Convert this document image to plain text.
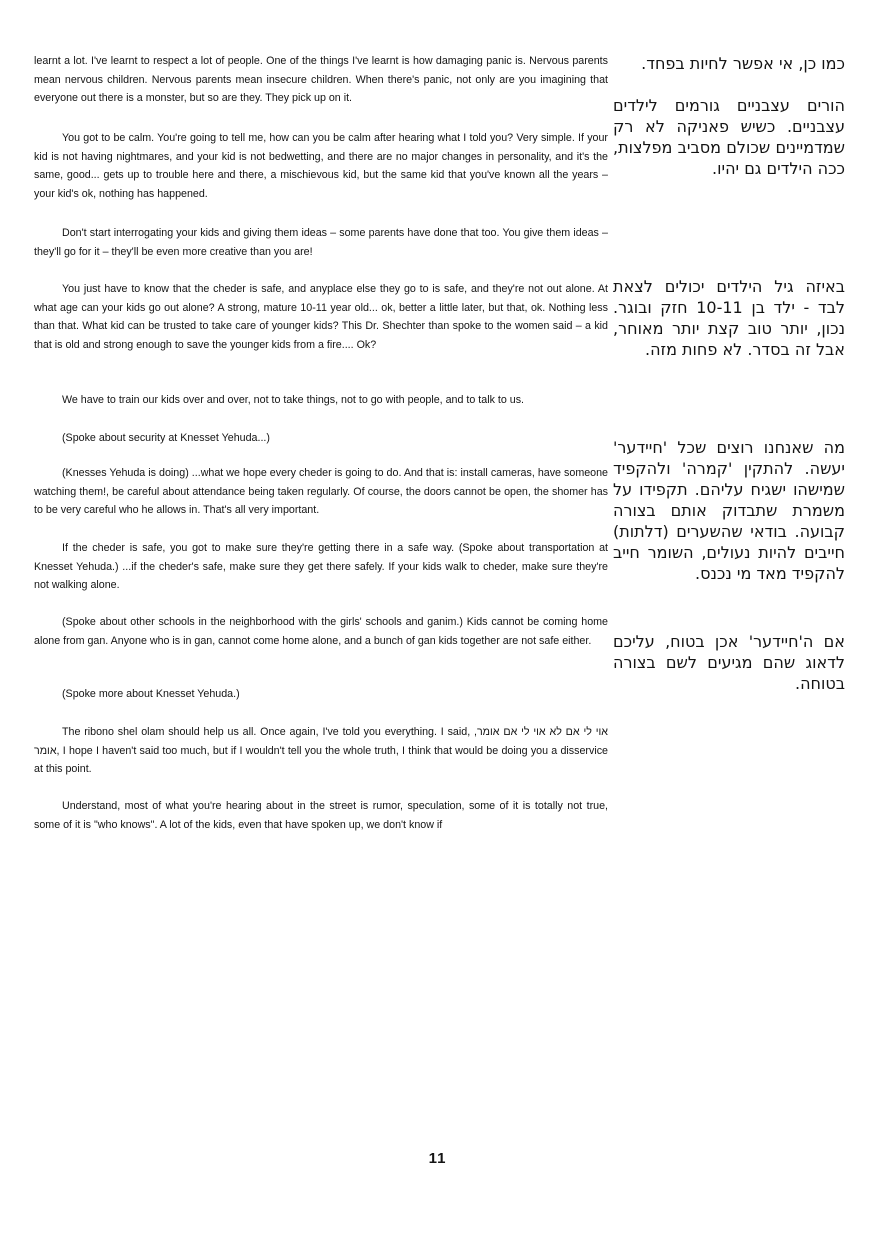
learnt a lot. I've learnt to respect a lot of people. One of the things I've learnt is how damaging panic is. Nervous parents mean nervous children. Nervous parents mean insecure children. When there's panic, not only are you imagining that everyone out there is a monster, but so are they. They pick up on it.

You got to be calm. You're going to tell me, how can you be calm after hearing what I told you? Very simple. If your kid is not having nightmares, and your kid is not bedwetting, and there are no major changes in personality, and it's the same, good... gets up to trouble here and there, a mischievous kid, but the same kid that you've known all the years – your kid's ok, nothing has happened.

Don't start interrogating your kids and giving them ideas – some parents have done that too. You give them ideas – they'll go for it – they'll be even more creative than you are!

You just have to know that the cheder is safe, and anyplace else they go to is safe, and they're not out alone. At what age can your kids go out alone? A strong, mature 10-11 year old... ok, better a little later, but that, ok. Nothing less than that. What kid can be trusted to take care of younger kids? This Dr. Shechter than spoke to the women said – a kid that is old and strong enough to save the younger kids from a fire.... Ok?

We have to train our kids over and over, not to take things, not to go with people, and to talk to us.

(Spoke about security at Knesset Yehuda...)

(Knesses Yehuda is doing) ...what we hope every cheder is going to do. And that is: install cameras, have someone watching them!, be careful about attendance being taken regularly. Of course, the doors cannot be open, the shomer has to be very careful who he allows in. That's all very important.

If the cheder is safe, you got to make sure they're getting there in a safe way. (Spoke about transportation at Knesset Yehuda.) ...if the cheder's safe, make sure they get there safely. If your kids walk to cheder, make sure they're not walking alone.

(Spoke about other schools in the neighborhood with the girls' schools and ganim.) Kids cannot be coming home alone from gan. Anyone who is in gan, cannot come home alone, and a bunch of gan kids together are not safe either.

(Spoke more about Knesset Yehuda.)

The ribono shel olam should help us all. Once again, I've told you everything. I said, אוי לי אם אומר, אוי לי אם לא אומר, I hope I haven't said too much, but if I wouldn't tell you the whole truth, I think that would be doing you a disservice at this point.

Understand, most of what you're hearing about in the street is rumor, speculation, some of it is totally not true, some of it is "who knows". A lot of the kids, even that have spoken up, we don't know if

כמו כן, אי אפשר לחיות בפחד.

הורים עצבניים גורמים לילדים עצבניים. כשיש פאניקה לא רק שמדמיינים שכולם מסביב מפלצות, ככה הילדים גם יהיו.

באיזה גיל הילדים יכולים לצאת לבד - ילד בן 10-11 חזק ובוגר. נכון, יותר טוב קצת יותר מאוחר, אבל זה בסדר. לא פחות מזה.

מה שאנחנו רוצים שכל 'חיידער' יעשה. להתקין 'קמרה' ולהקפיד שמישהו ישגיח עליהם. תקפידו על משמרת שתבדוק אותם בצורה קבועה. בודאי שהשערים (דלתות) חייבים להיות נעולים, השומר חייב להקפיד מאד מי נכנס.

אם ה'חיידער' אכן בטוח, עליכם לדאוג שהם מגיעים לשם בצורה בטוחה.

11
